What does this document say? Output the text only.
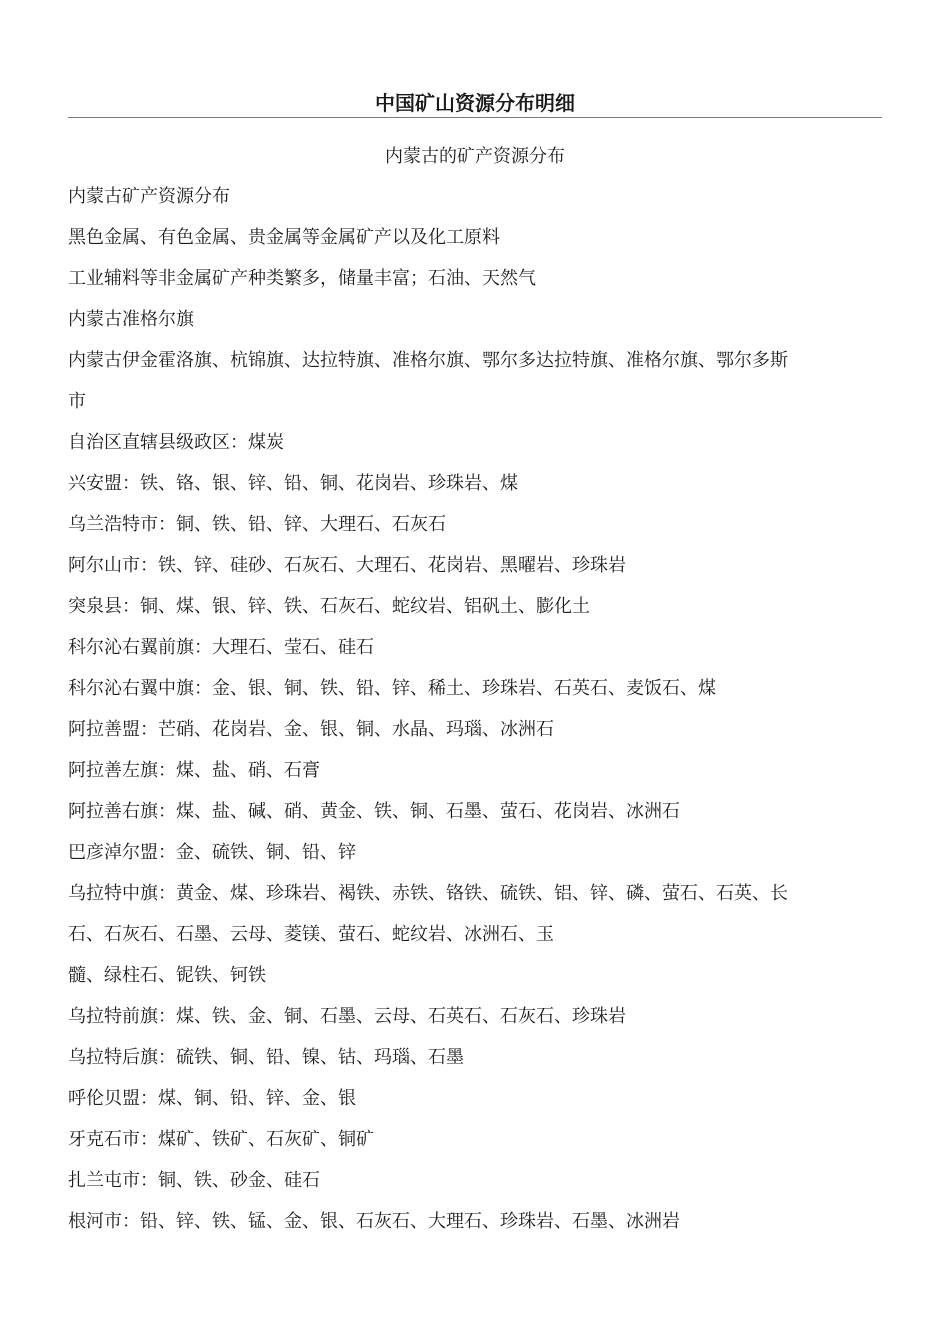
中国矿山资源分布明细
内蒙古的矿产资源分布
内蒙古矿产资源分布
黑色金属、有色金属、贵金属等金属矿产以及化工原料
工业辅料等非金属矿产种类繁多，储量丰富；石油、天然气
内蒙古准格尔旗
内蒙古伊金霍洛旗、杭锦旗、达拉特旗、准格尔旗、鄂尔多达拉特旗、准格尔旗、鄂尔多斯
市
自治区直辖县级政区：煤炭
兴安盟：铁、铬、银、锌、铅、铜、花岗岩、珍珠岩、煤
乌兰浩特市：铜、铁、铅、锌、大理石、石灰石
阿尔山市：铁、锌、硅砂、石灰石、大理石、花岗岩、黑曜岩、珍珠岩
突泉县：铜、煤、银、锌、铁、石灰石、蛇纹岩、铝矾土、膨化土
科尔沁右翼前旗：大理石、莹石、硅石
科尔沁右翼中旗：金、银、铜、铁、铅、锌、稀土、珍珠岩、石英石、麦饭石、煤
阿拉善盟：芒硝、花岗岩、金、银、铜、水晶、玛瑙、冰洲石
阿拉善左旗：煤、盐、硝、石膏
阿拉善右旗：煤、盐、碱、硝、黄金、铁、铜、石墨、萤石、花岗岩、冰洲石
巴彦淖尔盟：金、硫铁、铜、铅、锌
乌拉特中旗：黄金、煤、珍珠岩、褐铁、赤铁、铬铁、硫铁、铝、锌、磷、萤石、石英、长
石、石灰石、石墨、云母、菱镁、萤石、蛇纹岩、冰洲石、玉
髓、绿柱石、铌铁、钶铁
乌拉特前旗：煤、铁、金、铜、石墨、云母、石英石、石灰石、珍珠岩
乌拉特后旗：硫铁、铜、铅、镍、钴、玛瑙、石墨
呼伦贝盟：煤、铜、铅、锌、金、银
牙克石市：煤矿、铁矿、石灰矿、铜矿
扎兰屯市：铜、铁、砂金、硅石
根河市：铅、锌、铁、锰、金、银、石灰石、大理石、珍珠岩、石墨、冰洲岩
